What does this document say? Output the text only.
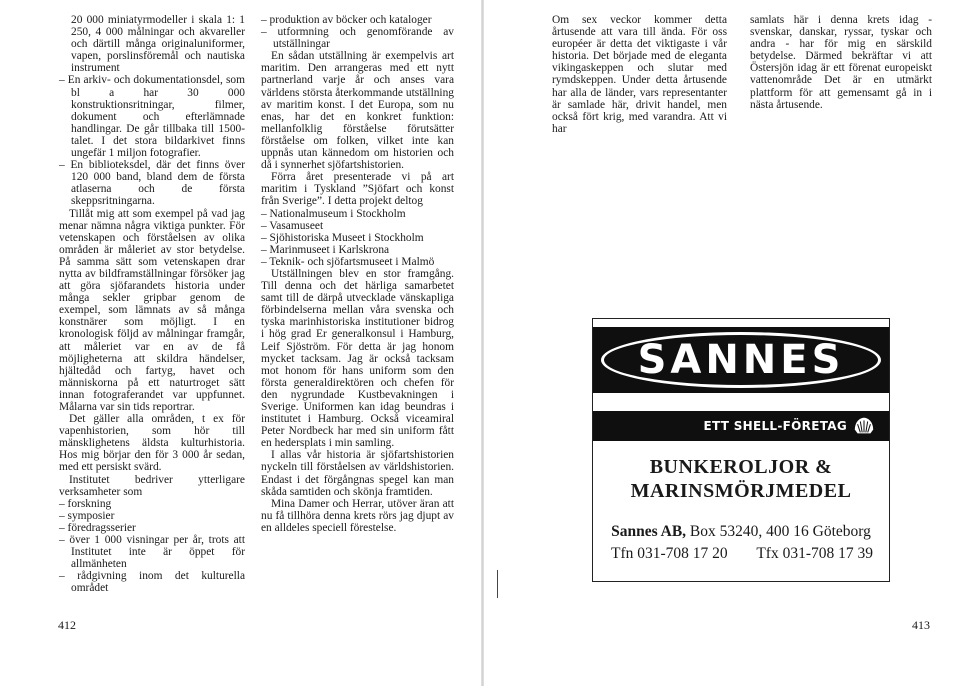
20 000 miniatyrmodeller i skala 1: 1 250, 4 000 målningar och akvareller och därtill många originaluniformer, vapen, porslinsföremål och nautiska instrument

– En arkiv- och dokumentationsdel, som bl a har 30 000 konstruktionsritningar, filmer, dokument och efterlämnade handlingar. De går tillbaka till 1500-talet. I det stora bildarkivet finns ungefär 1 miljon fotografier.

– En biblioteksdel, där det finns över 120 000 band, bland dem de första atlaserna och de första skeppsritningarna.

Tillåt mig att som exempel på vad jag menar nämna några viktiga punkter. För vetenskapen och förståelsen av olika områden är måleriet av stor betydelse. På samma sätt som vetenskapen drar nytta av bildframställningar försöker jag att göra sjöfarandets historia under många sekler gripbar genom de exempel, som lämnats av så många konstnärer som möjligt. I en kronologisk följd av målningar framgår, att måleriet var en av de få möjligheterna att skildra händelser, hjältedåd och fartyg, havet och människorna på ett naturtroget sätt innan fotograferandet var uppfunnet. Målarna var sin tids reportrar.

Det gäller alla områden, t ex för vapenhistorien, som hör till mänsklighetens äldsta kulturhistoria. Hos mig börjar den för 3 000 år sedan, med ett persiskt svärd.

Institutet bedriver ytterligare verksamheter som

– forskning

– symposier

– föredragsserier

– över 1 000 visningar per år, trots att Institutet inte är öppet för allmänheten

– rådgivning inom det kulturella området

– produktion av böcker och kataloger

– utformning och genomförande av utställningar

En sådan utställning är exempelvis art maritim. Den arrangeras med ett nytt partnerland varje år och anses vara världens största återkommande utställning av maritim konst. I det Europa, som nu enas, har det en konkret funktion: mellanfolklig förståelse förutsätter förståelse om folken, vilket inte kan uppnås utan kännedom om historien och då i synnerhet sjöfartshistorien.

Förra året presenterade vi på art maritim i Tyskland ”Sjöfart och konst från Sverige”. I detta projekt deltog

– Nationalmuseum i Stockholm

– Vasamuseet

– Sjöhistoriska Museet i Stockholm

– Marinmuseet i Karlskrona

– Teknik- och sjöfartsmuseet i Malmö

Utställningen blev en stor framgång. Till denna och det härliga samarbetet samt till de därpå utvecklade vänskapliga förbindelserna mellan våra svenska och tyska marinhistoriska institutioner bidrog i hög grad Er generalkonsul i Hamburg, Leif Sjöström. För detta är jag honom mycket tacksam. Jag är också tacksam mot honom för hans uniform som den första generaldirektören och chefen för den nygrundade Kustbevakningen i Sverige. Uniformen kan idag beundras i institutet i Hamburg. Också viceamiral Peter Nordbeck har med sin uniform fått en hedersplats i min samling.

I allas vår historia är sjöfartshistorien nyckeln till förståelsen av världshistorien. Endast i det förgångnas spegel kan man skåda samtiden och skönja framtiden.

Mina Damer och Herrar, utöver äran att nu få tillhöra denna krets rörs jag djupt av en alldeles speciell förestelse.

412

Om sex veckor kommer detta årtusende att vara till ända. För oss européer är detta det viktigaste i vår historia. Det började med de eleganta vikingaskeppen och slutar med rymdskeppen. Under detta årtusende har alla de länder, vars representanter är samlade här, drivit handel, men också fört krig, med varandra. Att vi har

samlats här i denna krets idag - svenskar, danskar, ryssar, tyskar och andra - har för mig en särskild betydelse. Därmed bekräftar vi att Östersjön idag är ett förenat europeiskt vattenområde Det är en utmärkt plattform för att gemensamt gå in i nästa årtusende.

SANNES
ETT SHELL-FÖRETAG
BUNKEROLJOR &
MARINSMÖRJMEDEL
Sannes AB, Box 53240, 400 16 Göteborg
Tfn 031-708 17 20 Tfx 031-708 17 39
413
